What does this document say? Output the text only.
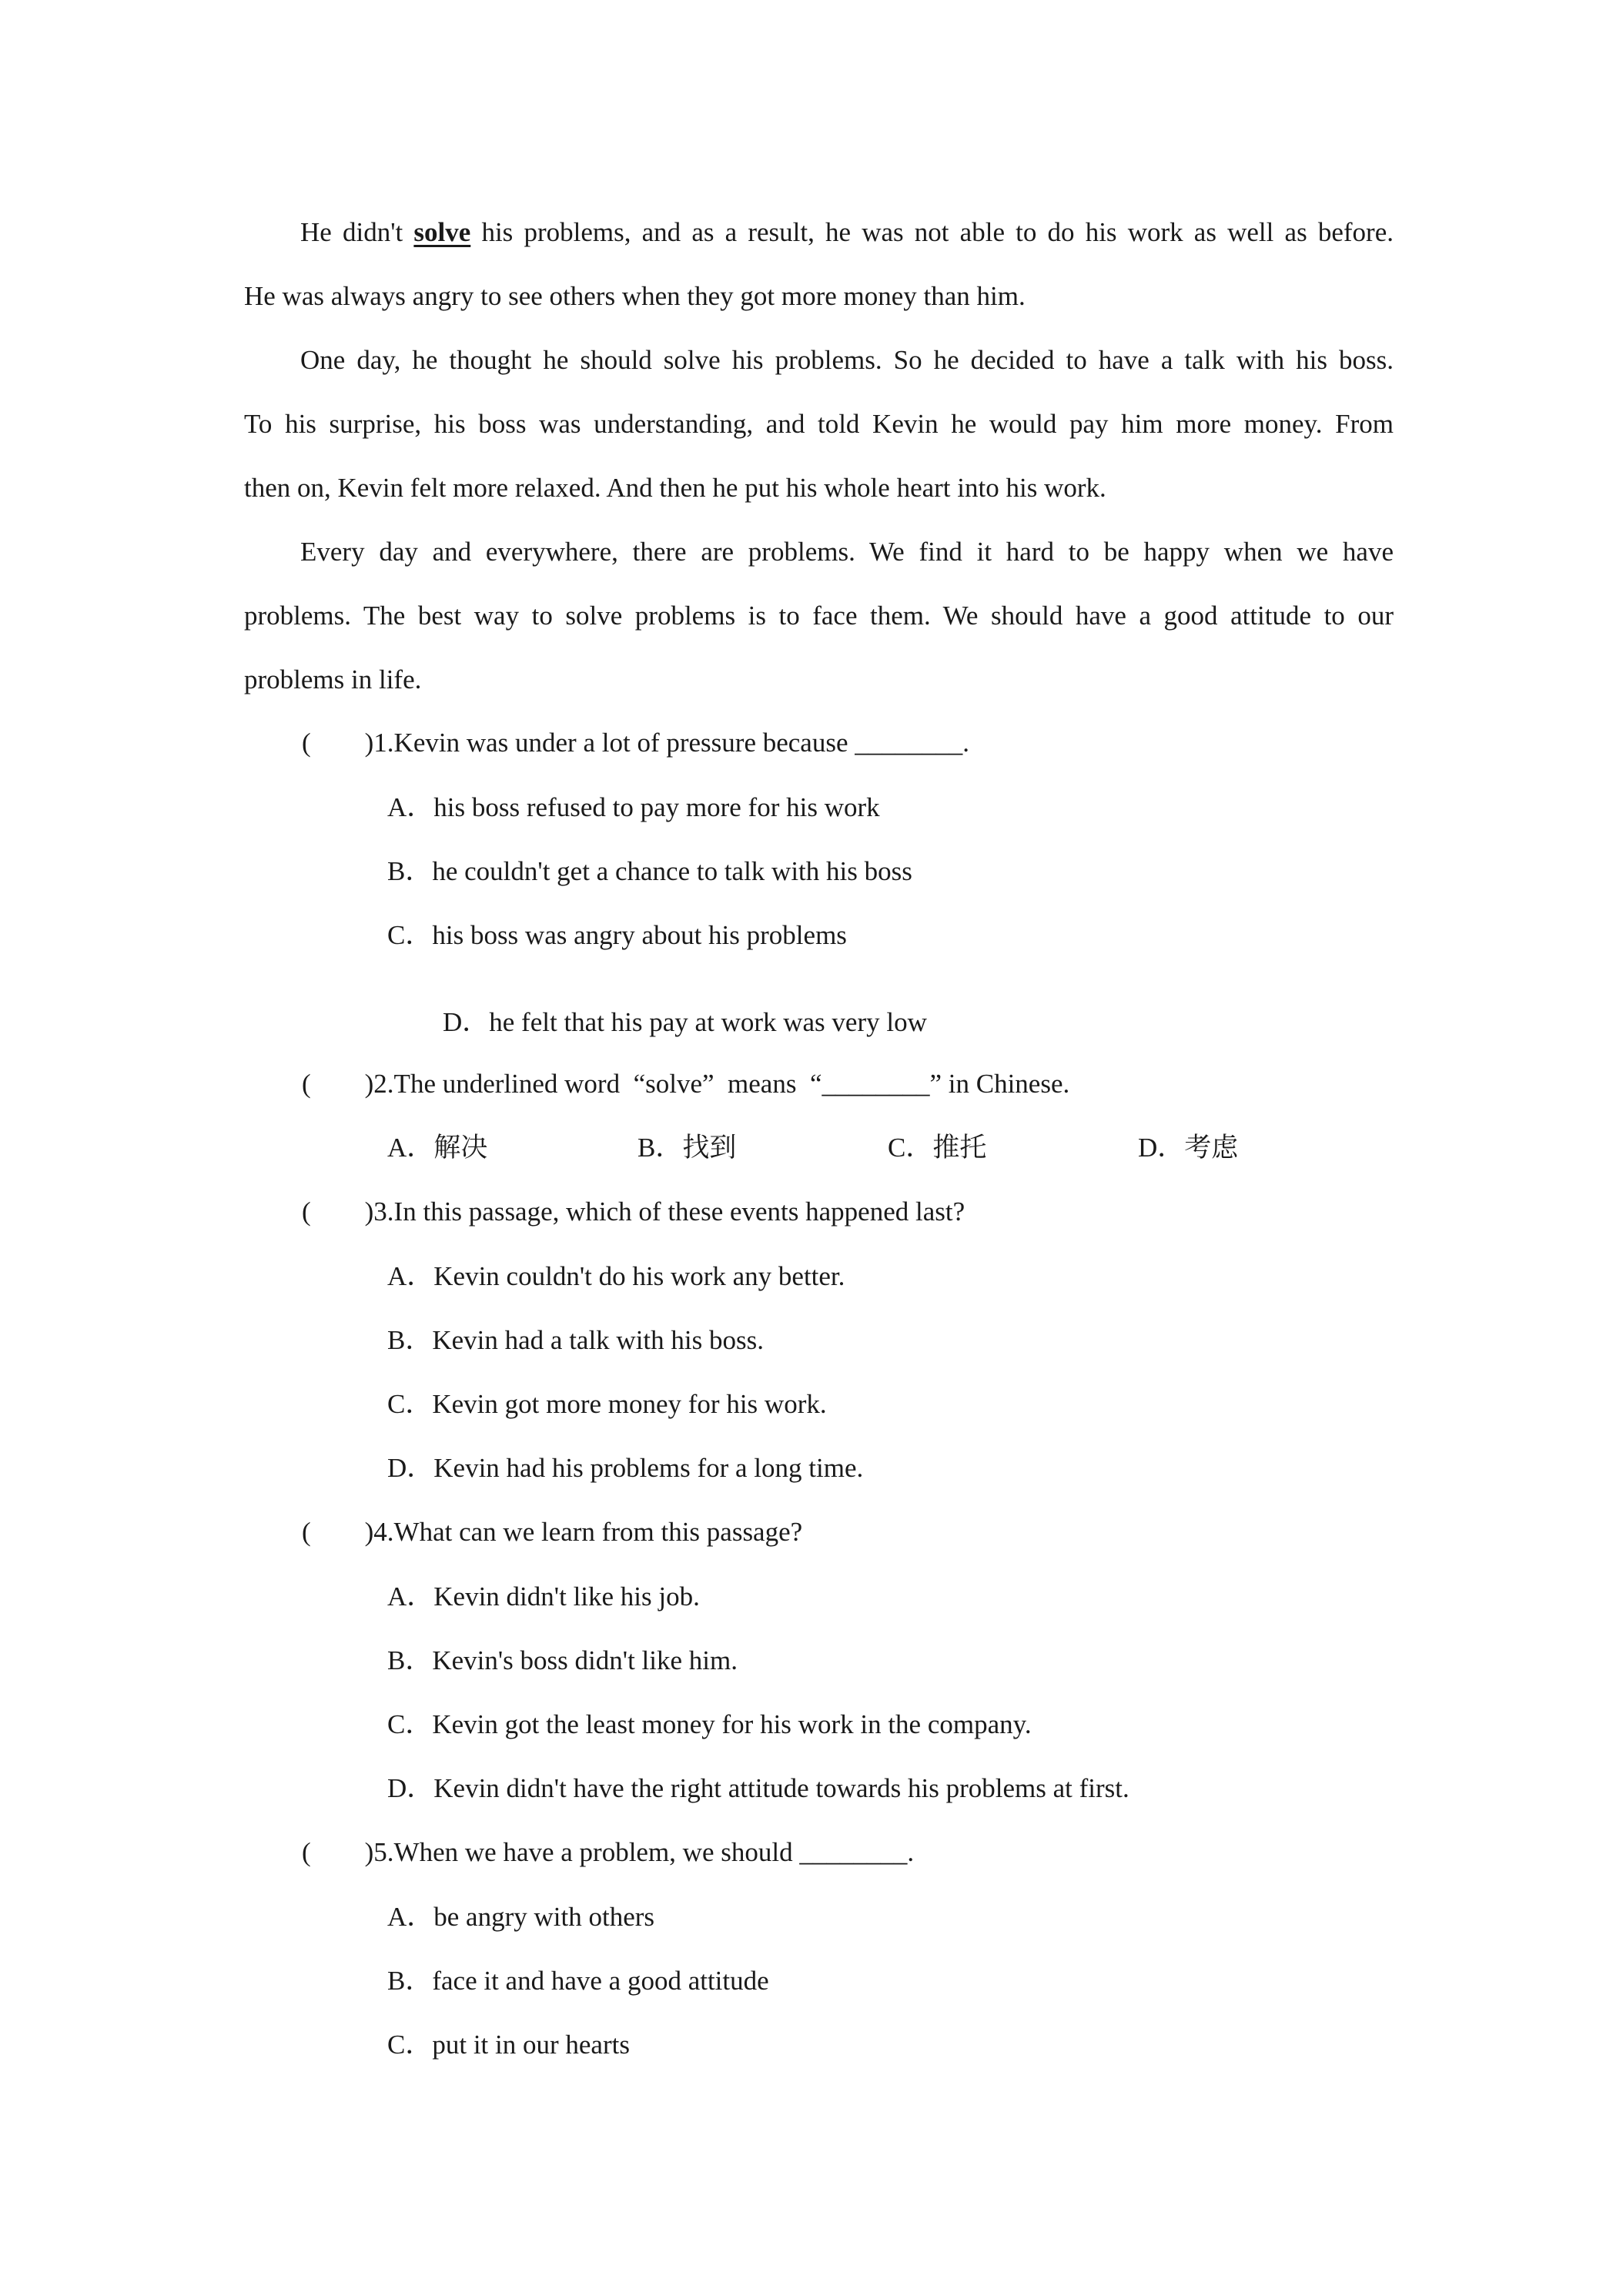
He didn't solve his problems, and as a result, he was not able to do his work as well as before.
He was always angry to see others when they got more money than him.
One day, he thought he should solve his problems. So he decided to have a talk with his boss.
To his surprise, his boss was understanding, and told Kevin he would pay him more money. From
then on, Kevin felt more relaxed. And then he put his whole heart into his work.
Every day and everywhere, there are problems. We find it hard to be happy when we have
problems. The best way to solve problems is to face them. We should have a good attitude to our
problems in life.
(        )1.Kevin was under a lot of pressure because ________.
A．his boss refused to pay more for his work
B．he couldn't get a chance to talk with his boss
C．his boss was angry about his problems
D．he felt that his pay at work was very low
(        )2.The underlined word  “solve”  means  “________” in Chinese.
A．解决	B．找到	C．推托	D．考虑
(        )3.In this passage, which of these events happened last?
A．Kevin couldn't do his work any better.
B．Kevin had a talk with his boss.
C．Kevin got more money for his work.
D．Kevin had his problems for a long time.
(        )4.What can we learn from this passage?
A．Kevin didn't like his job.
B．Kevin's boss didn't like him.
C．Kevin got the least money for his work in the company.
D．Kevin didn't have the right attitude towards his problems at first.
(        )5.When we have a problem, we should ________.
A．be angry with others
B．face it and have a good attitude
C．put it in our hearts
